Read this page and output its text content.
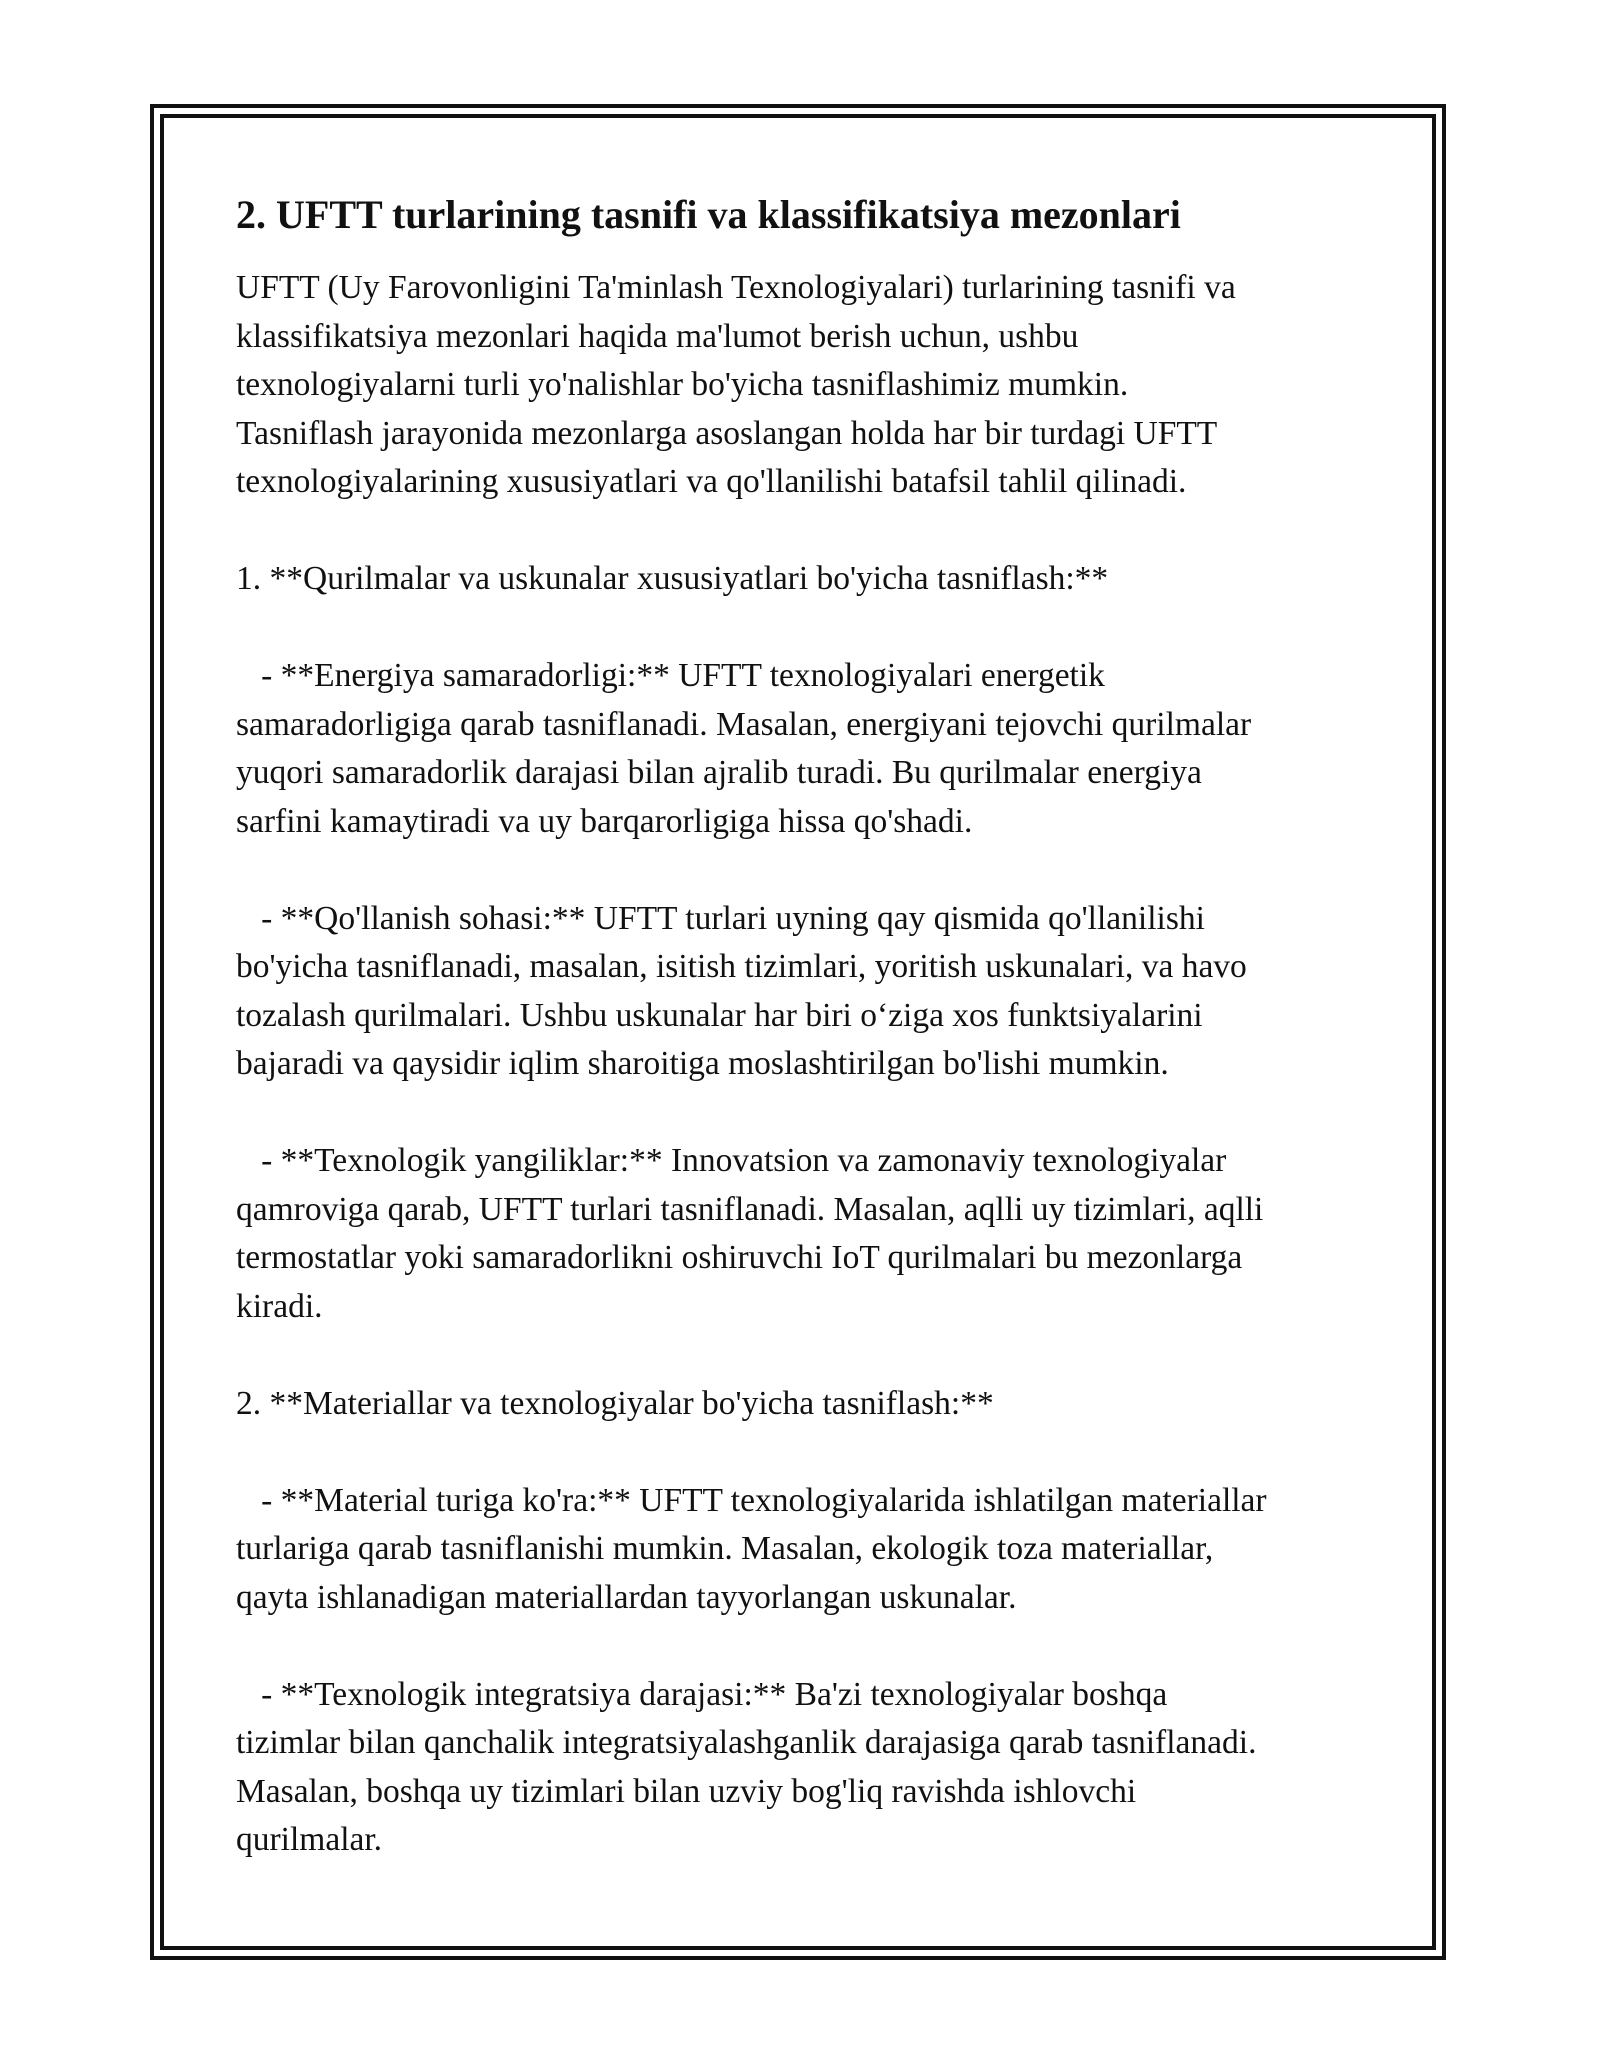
2. UFTT turlarining tasnifi va klassifikatsiya mezonlari

UFTT (Uy Farovonligini Ta'minlash Texnologiyalari) turlarining tasnifi va
klassifikatsiya mezonlari haqida ma'lumot berish uchun, ushbu
texnologiyalarni turli yo'nalishlar bo'yicha tasniflashimiz mumkin.
Tasniflash jarayonida mezonlarga asoslangan holda har bir turdagi UFTT
texnologiyalarining xususiyatlari va qo'llanilishi batafsil tahlil qilinadi.

1. **Qurilmalar va uskunalar xususiyatlari bo'yicha tasniflash:**

- **Energiya samaradorligi:** UFTT texnologiyalari energetik
samaradorligiga qarab tasniflanadi. Masalan, energiyani tejovchi qurilmalar
yuqori samaradorlik darajasi bilan ajralib turadi. Bu qurilmalar energiya
sarfini kamaytiradi va uy barqarorligiga hissa qo'shadi.

- **Qo'llanish sohasi:** UFTT turlari uyning qay qismida qo'llanilishi
bo'yicha tasniflanadi, masalan, isitish tizimlari, yoritish uskunalari, va havo
tozalash qurilmalari. Ushbu uskunalar har biri o‘ziga xos funktsiyalarini
bajaradi va qaysidir iqlim sharoitiga moslashtirilgan bo'lishi mumkin.

- **Texnologik yangiliklar:** Innovatsion va zamonaviy texnologiyalar
qamroviga qarab, UFTT turlari tasniflanadi. Masalan, aqlli uy tizimlari, aqlli
termostatlar yoki samaradorlikni oshiruvchi IoT qurilmalari bu mezonlarga
kiradi.

2. **Materiallar va texnologiyalar bo'yicha tasniflash:**

- **Material turiga ko'ra:** UFTT texnologiyalarida ishlatilgan materiallar
turlariga qarab tasniflanishi mumkin. Masalan, ekologik toza materiallar,
qayta ishlanadigan materiallardan tayyorlangan uskunalar.

- **Texnologik integratsiya darajasi:** Ba'zi texnologiyalar boshqa
tizimlar bilan qanchalik integratsiyalashganlik darajasiga qarab tasniflanadi.
Masalan, boshqa uy tizimlari bilan uzviy bog'liq ravishda ishlovchi
qurilmalar.
